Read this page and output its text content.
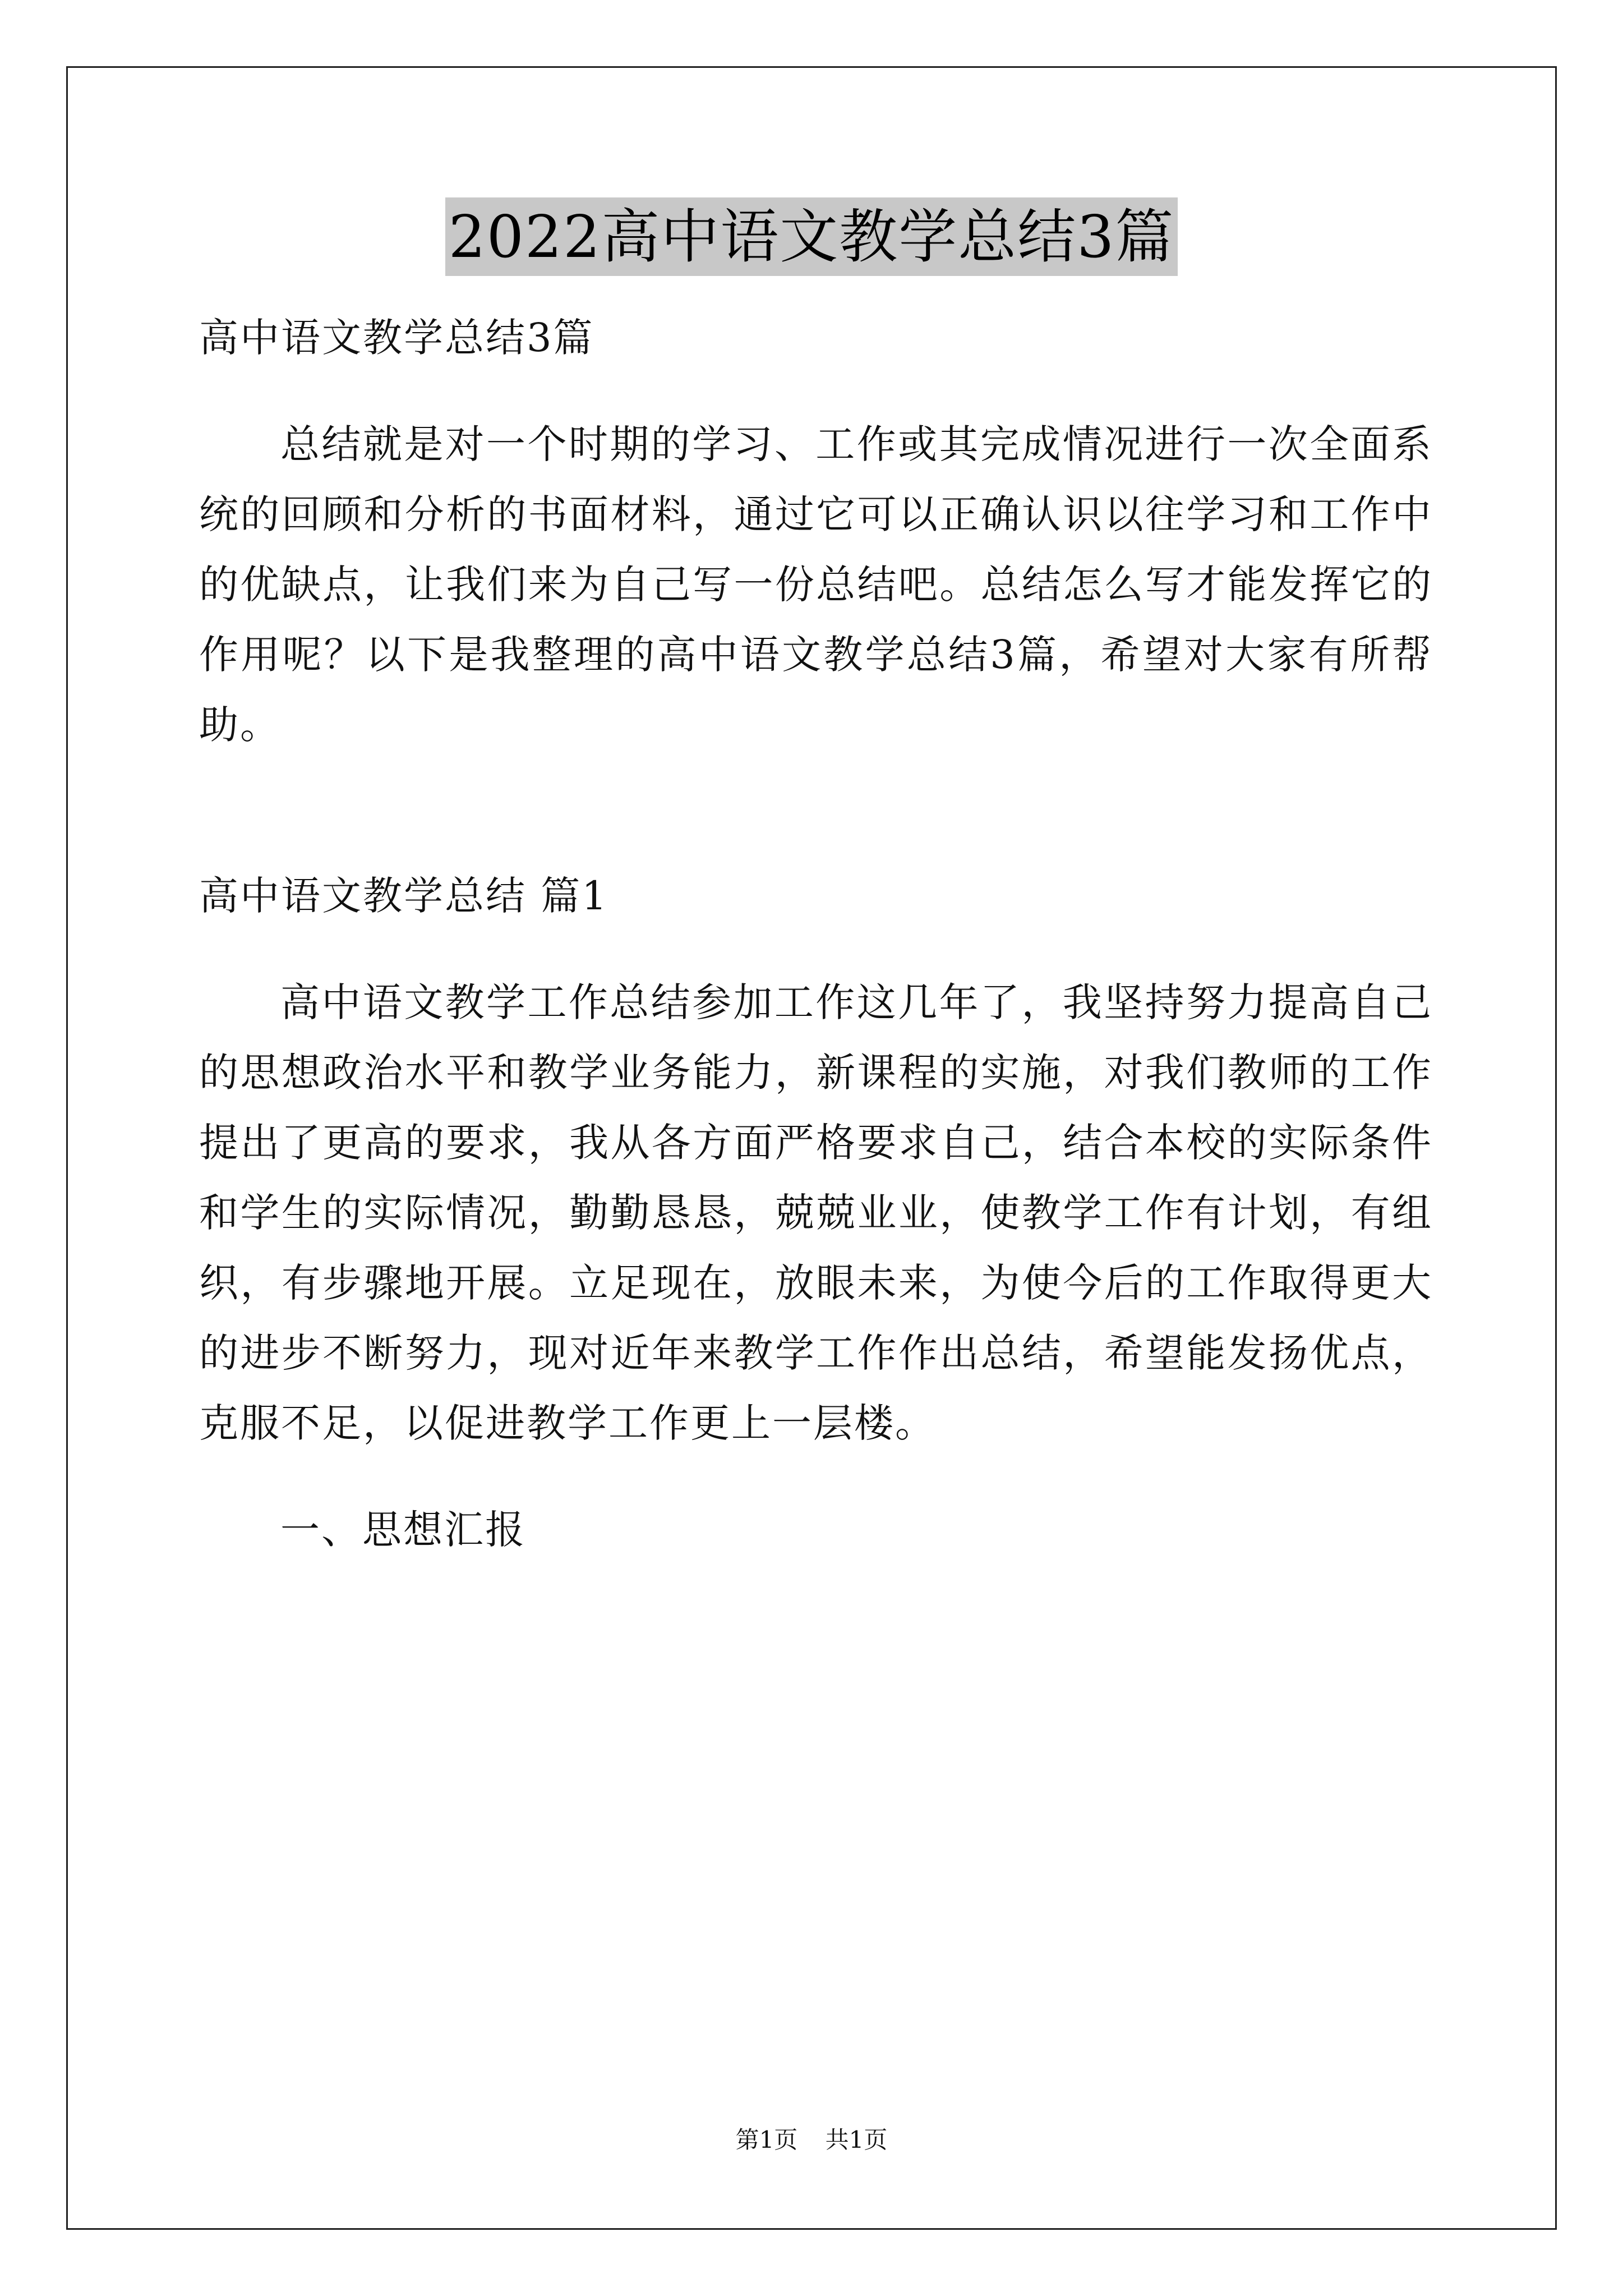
2022高中语文教学总结3篇
高中语文教学总结3篇
总结就是对一个时期的学习、工作或其完成情况进行一次全面系
统的回顾和分析的书面材料，通过它可以正确认识以往学习和工作中
的优缺点，让我们来为自己写一份总结吧。总结怎么写才能发挥它的
作用呢？以下是我整理的高中语文教学总结3篇，希望对大家有所帮
助。
高中语文教学总结 篇1
高中语文教学工作总结参加工作这几年了，我坚持努力提高自己
的思想政治水平和教学业务能力，新课程的实施，对我们教师的工作
提出了更高的要求，我从各方面严格要求自己，结合本校的实际条件
和学生的实际情况，勤勤恳恳，兢兢业业，使教学工作有计划，有组
织，有步骤地开展。立足现在，放眼未来，为使今后的工作取得更大
的进步不断努力，现对近年来教学工作作出总结，希望能发扬优点，
克服不足，以促进教学工作更上一层楼。
一、思想汇报
第1页 共1页
